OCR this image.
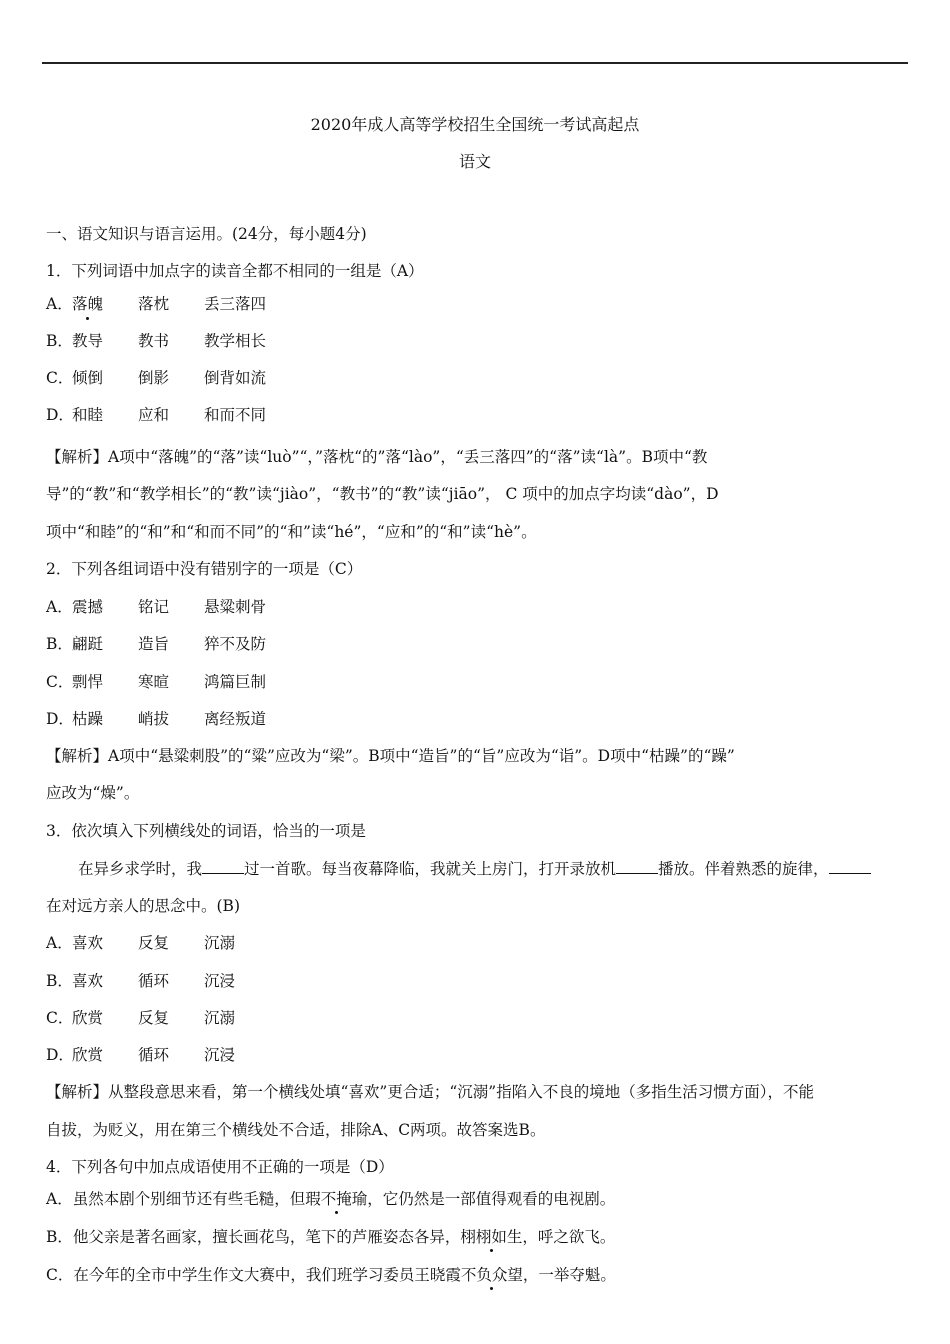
2020年成人高等学校招生全国统一考试高起点
语文
一、语文知识与语言运用。(24分，每小题4分)
1．下列词语中加点字的读音全都不相同的一组是（A）
A．落魄 落枕 丢三落四
B．教导 教书 教学相长
C．倾倒 倒影 倒背如流
D．和睦 应和 和而不同
【解析】A项中“落魄”的“落”读“luò”“，”落枕“的”落“lào”，“丢三落四”的“落”读“là”。B项中“教
导”的“教”和“教学相长”的“教”读“jiào”，“教书”的“教”读“jiāo”， C 项中的加点字均读“dào”，D
项中“和睦”的“和”和“和而不同”的“和”读“hé”，“应和”的“和”读“hè”。
2．下列各组词语中没有错别字的一项是（C）
A．震撼 铭记 悬粱刺骨
B．翩跹 造旨 猝不及防
C．剽悍 寒暄 鸿篇巨制
D．枯躁 峭拔 离经叛道
【解析】A项中“悬粱刺股”的“粱”应改为“梁”。B项中“造旨”的“旨”应改为“诣”。D项中“枯躁”的“躁”
应改为“燥”。
3．依次填入下列横线处的词语，恰当的一项是
在异乡求学时，我	过一首歌。每当夜幕降临，我就关上房门，打开录放机	播放。伴着熟悉的旋律，
在对远方亲人的思念中。(B)
A．喜欢 反复 沉溺
B．喜欢 循环 沉浸
C．欣赏 反复 沉溺
D．欣赏 循环 沉浸
【解析】从整段意思来看，第一个横线处填“喜欢”更合适；“沉溺”指陷入不良的境地（多指生活习惯方面），不能
自拔，为贬义，用在第三个横线处不合适，排除A、C两项。故答案选B。
4．下列各句中加点成语使用不正确的一项是（D）
A．虽然本剧个别细节还有些毛糙，但瑕不掩瑜，它仍然是一部值得观看的电视剧。
B．他父亲是著名画家，擅长画花鸟，笔下的芦雁姿态各异，栩栩如生，呼之欲飞。
C．在今年的全市中学生作文大赛中，我们班学习委员王晓霞不负众望，一举夺魁。
